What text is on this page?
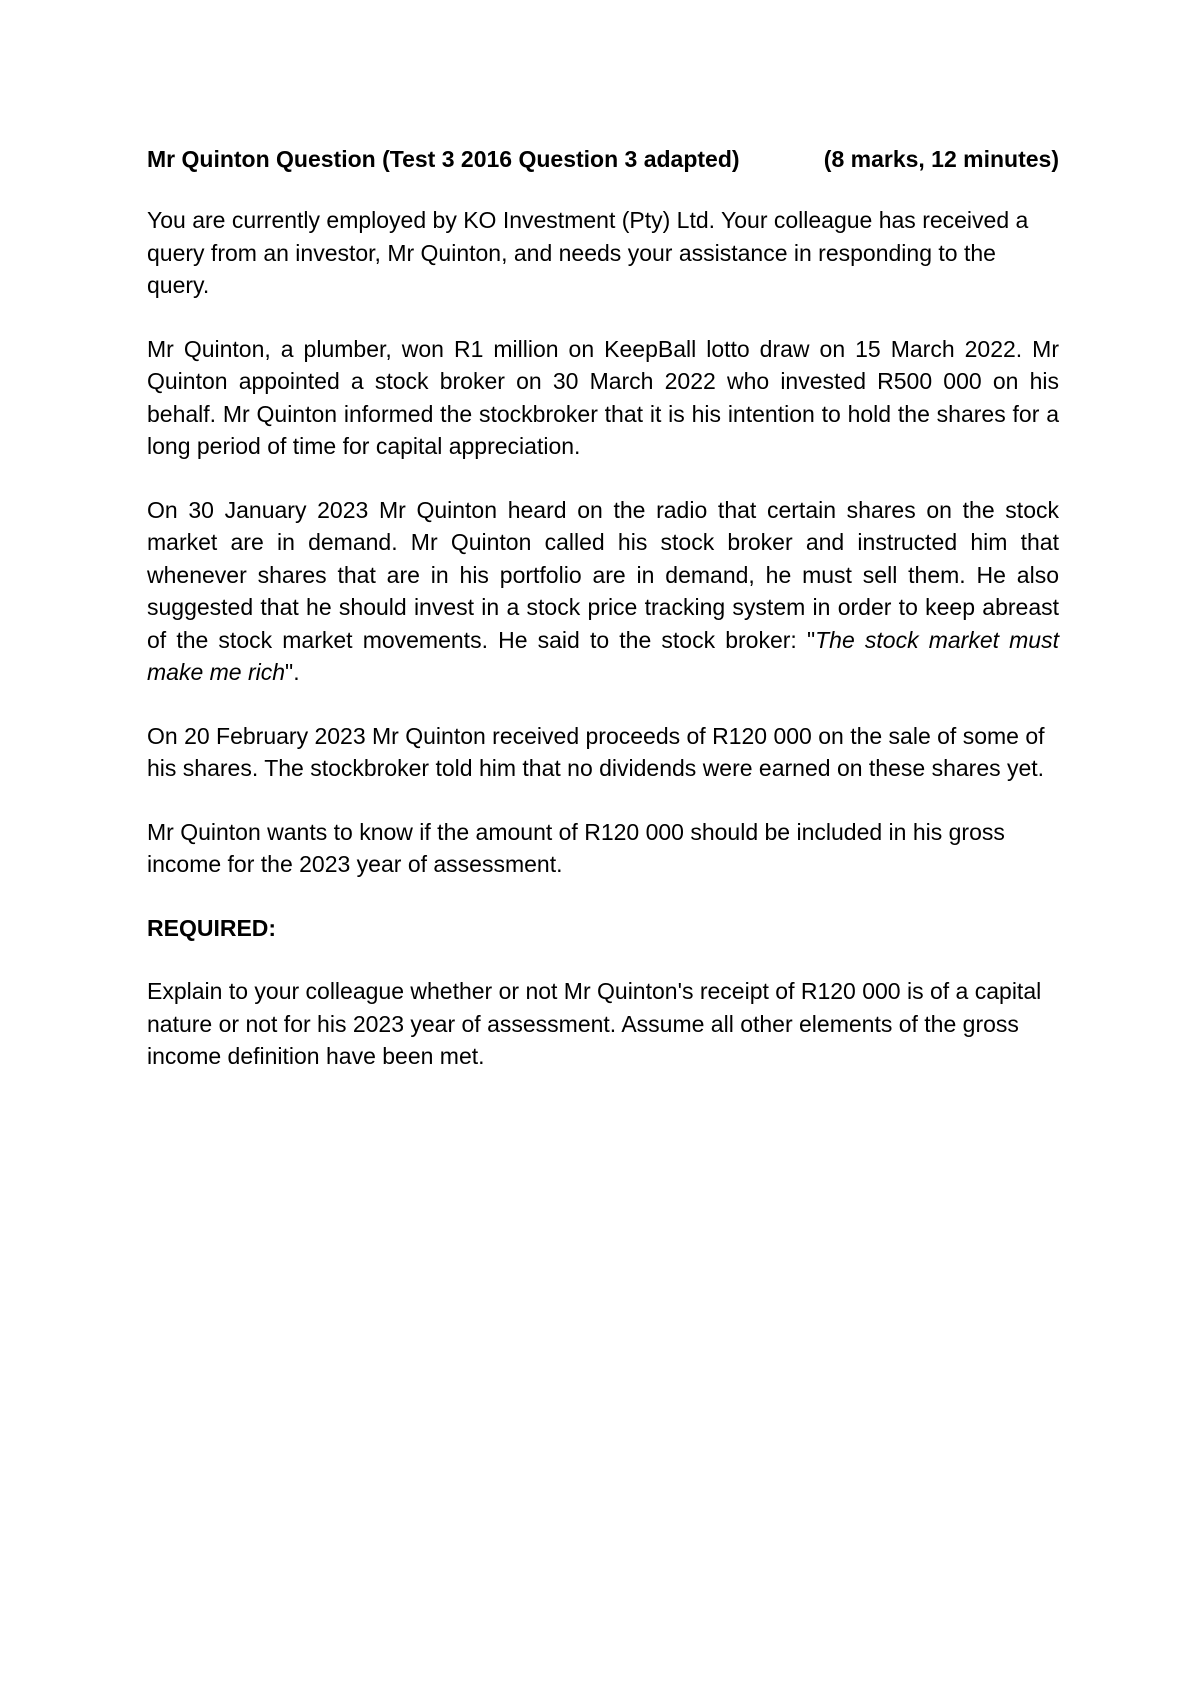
Mr Quinton Question (Test 3 2016 Question 3 adapted)	(8 marks, 12 minutes)

You are currently employed by KO Investment (Pty) Ltd. Your colleague has received a query from an investor, Mr Quinton, and needs your assistance in responding to the query.

Mr Quinton, a plumber, won R1 million on KeepBall lotto draw on 15 March 2022. Mr Quinton appointed a stock broker on 30 March 2022 who invested R500 000 on his behalf. Mr Quinton informed the stockbroker that it is his intention to hold the shares for a long period of time for capital appreciation.

On 30 January 2023 Mr Quinton heard on the radio that certain shares on the stock market are in demand. Mr Quinton called his stock broker and instructed him that whenever shares that are in his portfolio are in demand, he must sell them. He also suggested that he should invest in a stock price tracking system in order to keep abreast of the stock market movements. He said to the stock broker: "The stock market must make me rich".

On 20 February 2023 Mr Quinton received proceeds of R120 000 on the sale of some of his shares. The stockbroker told him that no dividends were earned on these shares yet.

Mr Quinton wants to know if the amount of R120 000 should be included in his gross income for the 2023 year of assessment.

REQUIRED:

Explain to your colleague whether or not Mr Quinton's receipt of R120 000 is of a capital nature or not for his 2023 year of assessment. Assume all other elements of the gross income definition have been met.
